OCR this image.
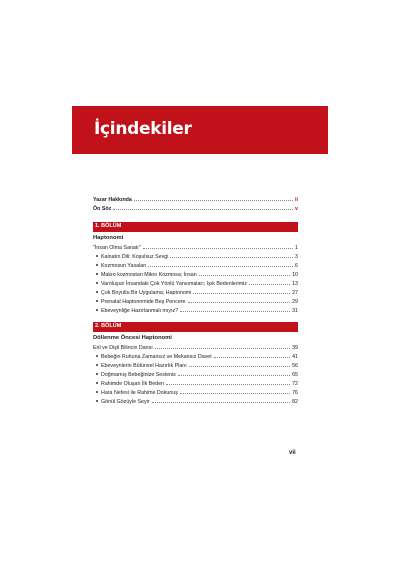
İçindekiler
Yazar Hakkında	ii
Ön Söz	v
1. BÖLÜM
Haptonomi
"İnsan Olma Sanatı"	1
Kainatın Dili: Koşulsuz Sevgi	3
Kozmosun Yasaları	6
Makro kozmostan Mikro Kozmosa; İnsan	10
Varoluşun İnsandaki Çok Yönlü Yansımaları; Işık Bedenlerimiz	13
Çok Boyutlu Bir Uygulama; Haptonomi	27
Prenatal Haptonomide Beş Pencere	29
Ebeveynliğe Hazırlanmalı mıyız?	31
2. BÖLÜM
Döllenme Öncesi Haptonomi
Eril ve Dişil Bilincin Dansı	39
Bebeğin Ruhuna Zamansız ve Mekansız Davet	41
Ebeveynlerin Bütünsel Hazırlık Planı	56
Doğmamış Bebeğinize Seslenis	65
Rahimde Oluşan İlk Beden	72
Hara Nefesi ile Rahime Dokunuş	76
Gönül Gözüyle Seyir	82
vii
